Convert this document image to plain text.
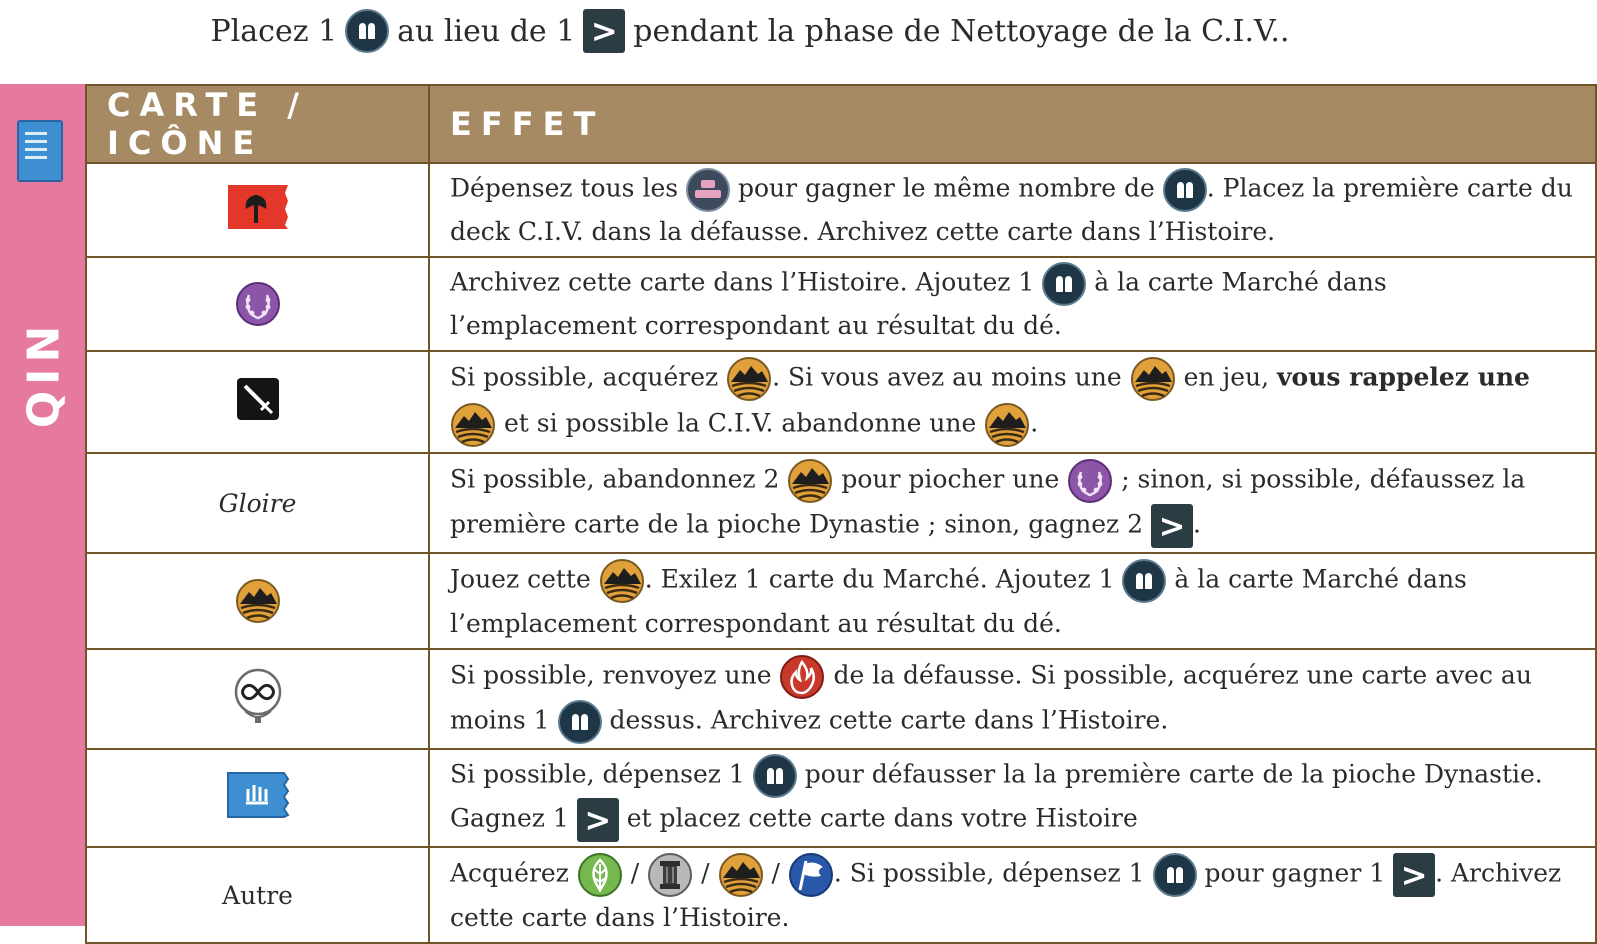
Placez 1 au lieu de 1 > pendant la phase de Nettoyage de la C.I.V..
QIN
CARTE / ICÔNE	EFFET
	Dépensez tous les pour gagner le même nombre de . Placez la première carte du deck C.I.V. dans la défausse. Archivez cette carte dans l’Histoire.
	Archivez cette carte dans l’Histoire. Ajoutez 1 à la carte Marché dans l’emplacement correspondant au résultat du dé.
	Si possible, acquérez . Si vous avez au moins une en jeu, vous rappelez une  et si possible la C.I.V. abandonne une .
Gloire	Si possible, abandonnez 2 pour piocher une ; sinon, si possible, défaussez la première carte de la pioche Dynastie ; sinon, gagnez 2 > .
	Jouez cette . Exilez 1 carte du Marché. Ajoutez 1 à la carte Marché dans l’emplacement correspondant au résultat du dé.
	Si possible, renvoyez une de la défausse. Si possible, acquérez une carte avec au moins 1 dessus. Archivez cette carte dans l’Histoire.
	Si possible, dépensez 1 pour défausser la la première carte de la pioche Dynastie. Gagnez 1 > et placez cette carte dans votre Histoire
Autre	Acquérez / / / . Si possible, dépensez 1 pour gagner 1 > . Archivez cette carte dans l’Histoire.
